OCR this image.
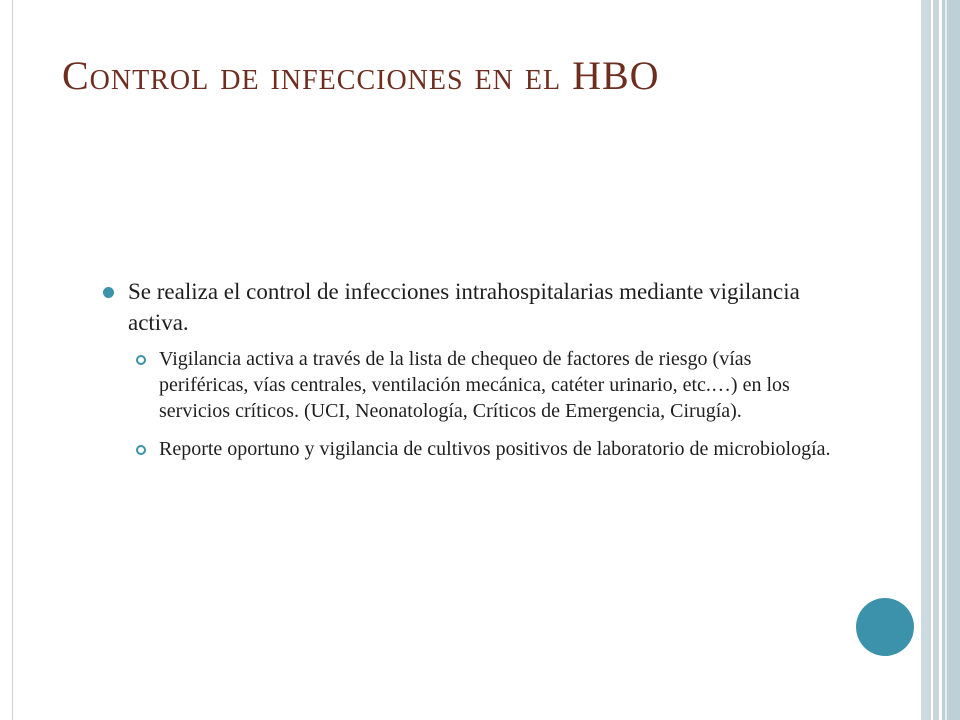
Control de infecciones en el HBO
Se realiza el control de infecciones intrahospitalarias mediante vigilancia activa.
Vigilancia activa a través de la lista de chequeo de factores de riesgo (vías periféricas, vías centrales, ventilación mecánica, catéter urinario, etc.…) en los servicios críticos. (UCI, Neonatología, Críticos de Emergencia, Cirugía).
Reporte oportuno y vigilancia de cultivos positivos de laboratorio de microbiología.
